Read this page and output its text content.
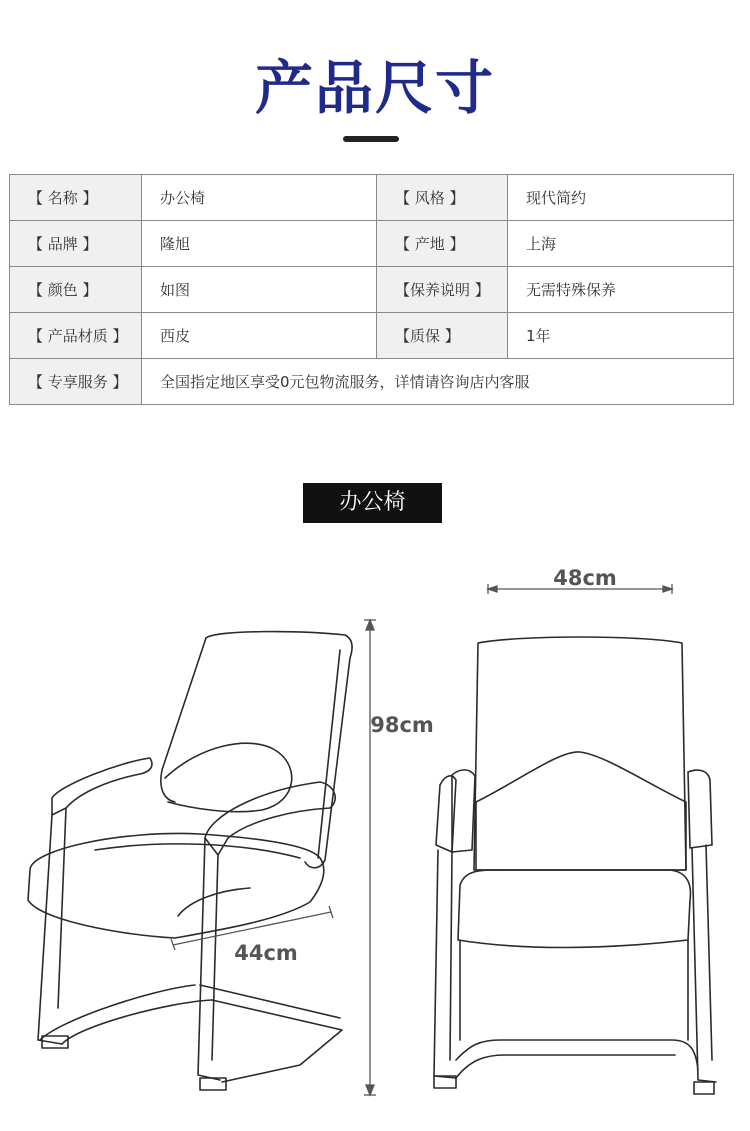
产品尺寸
【 名称 】	办公椅	【 风格 】	现代简约
【 品牌 】	隆旭	【 产地 】	上海
【 颜色 】	如图	【保养说明 】	无需特殊保养
【 产品材质 】	西皮	【质保 】	1年
【 专享服务 】	全国指定地区享受0元包物流服务，详情请咨询店内客服		
办公椅
48cm
98cm
44cm
